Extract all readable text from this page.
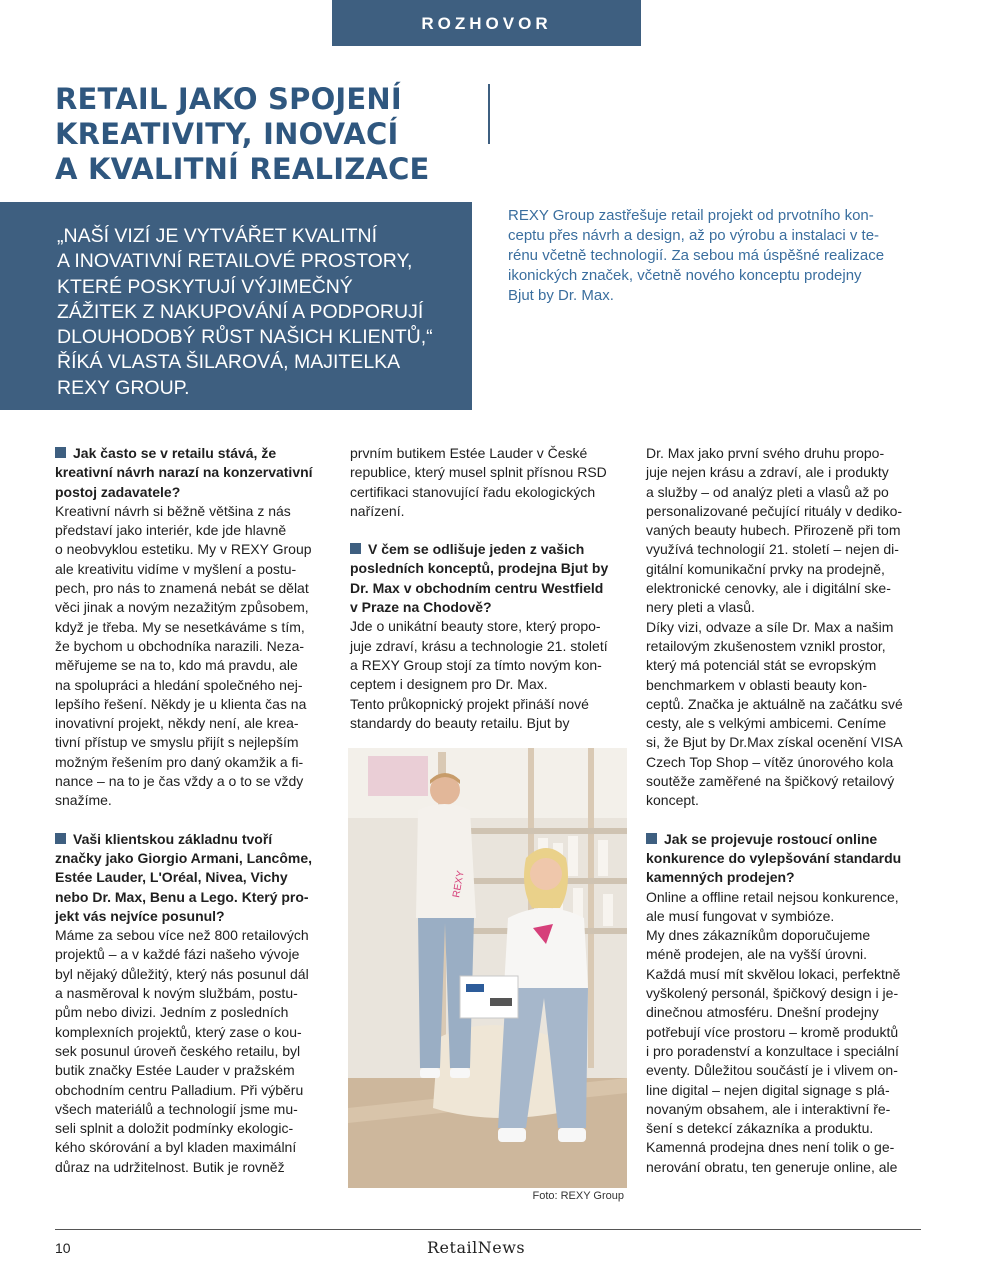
ROZHOVOR
RETAIL JAKO SPOJENÍ
KREATIVITY, INOVACÍ
A KVALITNÍ REALIZACE
„NAŠÍ VIZÍ JE VYTVÁŘET KVALITNÍ
A INOVATIVNÍ RETAILOVÉ PROSTORY,
KTERÉ POSKYTUJÍ VÝJIMEČNÝ
ZÁŽITEK Z NAKUPOVÁNÍ A PODPORUJÍ
DLOUHODOBÝ RŮST NAŠICH KLIENTŮ,“
ŘÍKÁ VLASTA ŠILAROVÁ, MAJITELKA
REXY GROUP.
REXY Group zastřešuje retail projekt od prvotního kon-
ceptu přes návrh a design, až po výrobu a instalaci v te-
rénu včetně technologií. Za sebou má úspěšné realizace
ikonických značek, včetně nového konceptu prodejny
Bjut by Dr. Max.
Jak často se v retailu stává, že
kreativní návrh narazí na konzervativní
postoj zadavatele?
Kreativní návrh si běžně většina z nás
představí jako interiér, kde jde hlavně
o neobvyklou estetiku. My v REXY Group
ale kreativitu vidíme v myšlení a postu-
pech, pro nás to znamená nebát se dělat
věci jinak a novým nezažitým způsobem,
když je třeba. My se nesetkáváme s tím,
že bychom u obchodníka narazili. Neza-
měřujeme se na to, kdo má pravdu, ale
na spolupráci a hledání společného nej-
lepšího řešení. Někdy je u klienta čas na
inovativní projekt, někdy není, ale krea-
tivní přístup ve smyslu přijít s nejlepším
možným řešením pro daný okamžik a fi-
nance – na to je čas vždy a o to se vždy
snažíme.
Vaši klientskou základnu tvoří
značky jako Giorgio Armani, Lancôme,
Estée Lauder, L'Oréal, Nivea, Vichy
nebo Dr. Max, Benu a Lego. Který pro-
jekt vás nejvíce posunul?
Máme za sebou více než 800 retailových
projektů – a v každé fázi našeho vývoje
byl nějaký důležitý, který nás posunul dál
a nasměroval k novým službám, postu-
pům nebo divizi. Jedním z posledních
komplexních projektů, který zase o kou-
sek posunul úroveň českého retailu, byl
butik značky Estée Lauder v pražském
obchodním centru Palladium. Při výběru
všech materiálů a technologií jsme mu-
seli splnit a doložit podmínky ekologic-
kého skórování a byl kladen maximální
důraz na udržitelnost. Butik je rovněž
prvním butikem Estée Lauder v České
republice, který musel splnit přísnou RSD
certifikaci stanovující řadu ekologických
nařízení.
V čem se odlišuje jeden z vašich
posledních konceptů, prodejna Bjut by
Dr. Max v obchodním centru Westfield
v Praze na Chodově?
Jde o unikátní beauty store, který propo-
juje zdraví, krásu a technologie 21. století
a REXY Group stojí za tímto novým kon-
ceptem i designem pro Dr. Max.
Tento průkopnický projekt přináší nové
standardy do beauty retailu. Bjut by
REXY
Foto: REXY Group
Dr. Max jako první svého druhu propo-
juje nejen krásu a zdraví, ale i produkty
a služby – od analýz pleti a vlasů až po
personalizované pečující rituály v dediko-
vaných beauty hubech. Přirozeně při tom
využívá technologií 21. století – nejen di-
gitální komunikační prvky na prodejně,
elektronické cenovky, ale i digitální ske-
nery pleti a vlasů.
Díky vizi, odvaze a síle Dr. Max a našim
retailovým zkušenostem vznikl prostor,
který má potenciál stát se evropským
benchmarkem v oblasti beauty kon-
ceptů. Značka je aktuálně na začátku své
cesty, ale s velkými ambicemi. Ceníme
si, že Bjut by Dr.Max získal ocenění VISA
Czech Top Shop – vítěz únorového kola
soutěže zaměřené na špičkový retailový
koncept.
Jak se projevuje rostoucí online
konkurence do vylepšování standardu
kamenných prodejen?
Online a offline retail nejsou konkurence,
ale musí fungovat v symbióze.
My dnes zákazníkům doporučujeme
méně prodejen, ale na vyšší úrovni.
Každá musí mít skvělou lokaci, perfektně
vyškolený personál, špičkový design i je-
dinečnou atmosféru. Dnešní prodejny
potřebují více prostoru – kromě produktů
i pro poradenství a konzultace i speciální
eventy. Důležitou součástí je i vlivem on-
line digital – nejen digital signage s plá-
novaným obsahem, ale i interaktivní ře-
šení s detekcí zákazníka a produktu.
Kamenná prodejna dnes není tolik o ge-
nerování obratu, ten generuje online, ale
10	RetailNews
